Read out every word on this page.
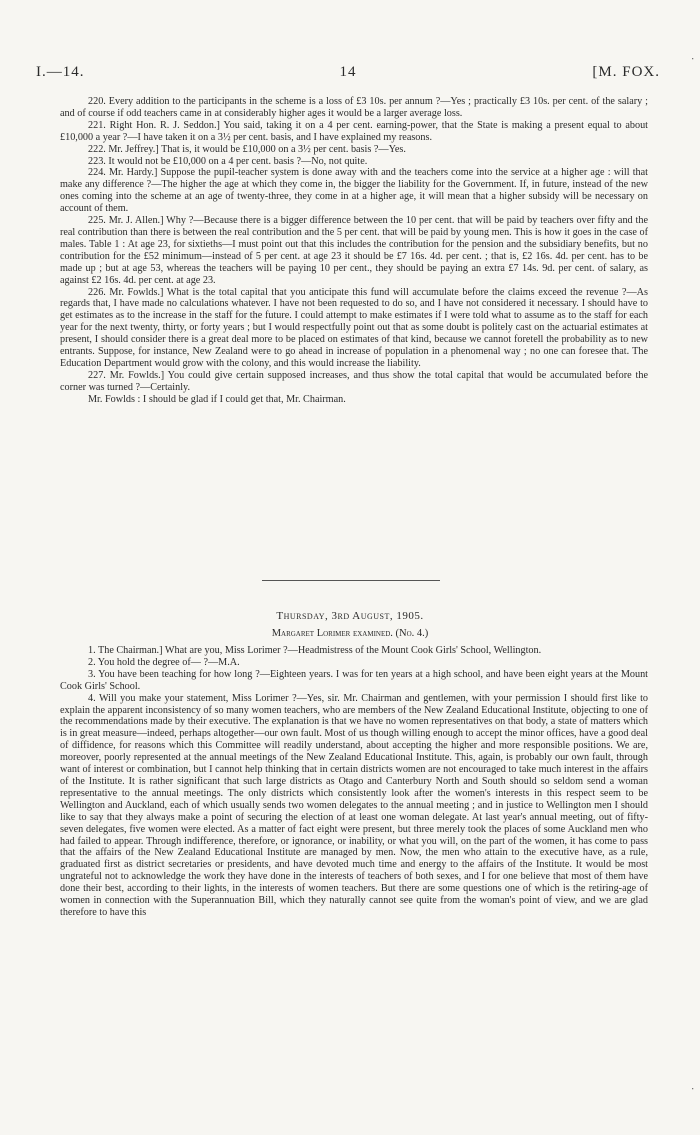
I.—14.	14	[M. FOX.

220. Every addition to the participants in the scheme is a loss of £3 10s. per annum ?—Yes ; practically £3 10s. per cent. of the salary ; and of course if odd teachers came in at considerably higher ages it would be a larger average loss.

221. Right Hon. R. J. Seddon.] You said, taking it on a 4 per cent. earning-power, that the State is making a present equal to about £10,000 a year ?—I have taken it on a 3½ per cent. basis, and I have explained my reasons.

222. Mr. Jeffrey.] That is, it would be £10,000 on a 3½ per cent. basis ?—Yes.

223. It would not be £10,000 on a 4 per cent. basis ?—No, not quite.

224. Mr. Hardy.] Suppose the pupil-teacher system is done away with and the teachers come into the service at a higher age : will that make any difference ?—The higher the age at which they come in, the bigger the liability for the Government. If, in future, instead of the new ones coming into the scheme at an age of twenty-three, they come in at a higher age, it will mean that a higher subsidy will be necessary on account of them.

225. Mr. J. Allen.] Why ?—Because there is a bigger difference between the 10 per cent. that will be paid by teachers over fifty and the real contribution than there is between the real contribution and the 5 per cent. that will be paid by young men. This is how it goes in the case of males. Table 1 : At age 23, for sixtieths—I must point out that this includes the contribution for the pension and the subsidiary benefits, but no contribution for the £52 minimum—instead of 5 per cent. at age 23 it should be £7 16s. 4d. per cent. ; that is, £2 16s. 4d. per cent. has to be made up ; but at age 53, whereas the teachers will be paying 10 per cent., they should be paying an extra £7 14s. 9d. per cent. of salary, as against £2 16s. 4d. per cent. at age 23.

226. Mr. Fowlds.] What is the total capital that you anticipate this fund will accumulate before the claims exceed the revenue ?—As regards that, I have made no calculations whatever. I have not been requested to do so, and I have not considered it necessary. I should have to get estimates as to the increase in the staff for the future. I could attempt to make estimates if I were told what to assume as to the staff for each year for the next twenty, thirty, or forty years ; but I would respectfully point out that as some doubt is politely cast on the actuarial estimates at present, I should consider there is a great deal more to be placed on estimates of that kind, because we cannot foretell the probability as to new entrants. Suppose, for instance, New Zealand were to go ahead in increase of population in a phenomenal way ; no one can foresee that. The Education Department would grow with the colony, and this would increase the liability.

227. Mr. Fowlds.] You could give certain supposed increases, and thus show the total capital that would be accumulated before the corner was turned ?—Certainly.

Mr. Fowlds : I should be glad if I could get that, Mr. Chairman.

Thursday, 3rd August, 1905.
Margaret Lorimer examined. (No. 4.)

1. The Chairman.] What are you, Miss Lorimer ?—Headmistress of the Mount Cook Girls' School, Wellington.

2. You hold the degree of— ?—M.A.

3. You have been teaching for how long ?—Eighteen years. I was for ten years at a high school, and have been eight years at the Mount Cook Girls' School.

4. Will you make your statement, Miss Lorimer ?—Yes, sir. Mr. Chairman and gentlemen, with your permission I should first like to explain the apparent inconsistency of so many women teachers, who are members of the New Zealand Educational Institute, objecting to one of the recommendations made by their executive. The explanation is that we have no women representatives on that body, a state of matters which is in great measure—indeed, perhaps altogether—our own fault. Most of us though willing enough to accept the minor offices, have a good deal of diffidence, for reasons which this Committee will readily understand, about accepting the higher and more responsible positions. We are, moreover, poorly represented at the annual meetings of the New Zealand Educational Institute. This, again, is probably our own fault, through want of interest or combination, but I cannot help thinking that in certain districts women are not encouraged to take much interest in the affairs of the Institute. It is rather significant that such large districts as Otago and Canterbury North and South should so seldom send a woman representative to the annual meetings. The only districts which consistently look after the women's interests in this respect seem to be Wellington and Auckland, each of which usually sends two women delegates to the annual meeting ; and in justice to Wellington men I should like to say that they always make a point of securing the election of at least one woman delegate. At last year's annual meeting, out of fifty-seven delegates, five women were elected. As a matter of fact eight were present, but three merely took the places of some Auckland men who had failed to appear. Through indifference, therefore, or ignorance, or inability, or what you will, on the part of the women, it has come to pass that the affairs of the New Zealand Educational Institute are managed by men. Now, the men who attain to the executive have, as a rule, graduated first as district secretaries or presidents, and have devoted much time and energy to the affairs of the Institute. It would be most ungrateful not to acknowledge the work they have done in the interests of teachers of both sexes, and I for one believe that most of them have done their best, according to their lights, in the interests of women teachers. But there are some questions one of which is the retiring-age of women in connection with the Superannuation Bill, which they naturally cannot see quite from the woman's point of view, and we are glad therefore to have this

ᐧ
ᐧ
